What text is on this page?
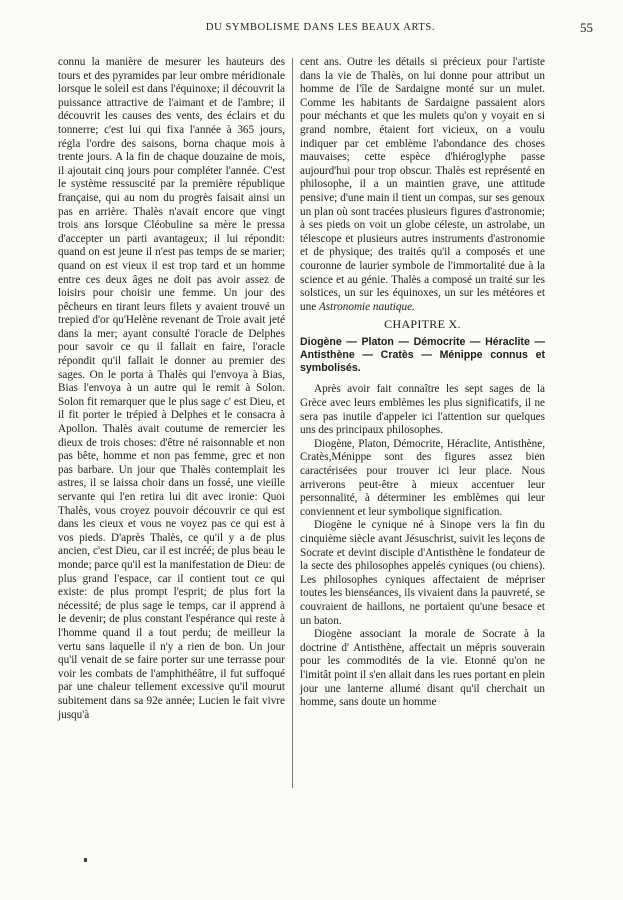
DU SYMBOLISME DANS LES BEAUX ARTS.	55

connu la manière de mesurer les hauteurs des tours et des pyramides par leur ombre méridionale lorsque le soleil est dans l'équinoxe; il découvrit la puissance attractive de l'aimant et de l'ambre; il découvrit les causes des vents, des éclairs et du tonnerre; c'est lui qui fixa l'année à 365 jours, régla l'ordre des saisons, borna chaque mois à trente jours. A la fin de chaque douzaine de mois, il ajoutait cinq jours pour compléter l'année. C'est le système ressuscité par la première république française, qui au nom du progrès faisait ainsi un pas en arrière. Thalès n'avait encore que vingt trois ans lorsque Cléobuline sa mère le pressa d'accepter un parti avantageux; il lui répondit: quand on est jeune il n'est pas temps de se marier; quand on est vieux il est trop tard et un homme entre ces deux âges ne doit pas avoir assez de loisirs pour choisir une femme. Un jour des pêcheurs en tirant leurs filets y avaient trouvé un trepied d'or qu'Helène revenant de Troie avait jeté dans la mer; ayant consulté l'oracle de Delphes pour savoir ce qu il fallait en faire, l'oracle répondit qu'il fallait le donner au premier des sages. On le porta à Thalès qui l'envoya à Bias, Bias l'envoya à un autre qui le remit à Solon. Solon fit remarquer que le plus sage c' est Dieu, et il fit porter le trépied à Delphes et le consacra à Apollon. Thalès avait coutume de remercier les dieux de trois choses: d'être né raisonnable et non pas bête, homme et non pas femme, grec et non pas barbare. Un jour que Thalès contemplait les astres, il se laissa choir dans un fossé, une vieille servante qui l'en retira lui dit avec ironie: Quoi Thalès, vous croyez pouvoir découvrir ce qui est dans les cieux et vous ne voyez pas ce qui est à vos pieds. D'après Thalès, ce qu'il y a de plus ancien, c'est Dieu, car il est incréé; de plus beau le monde; parce qu'il est la manifestation de Dieu: de plus grand l'espace, car il contient tout ce qui existe: de plus prompt l'esprit; de plus fort la nécessité; de plus sage le temps, car il apprend à le devenir; de plus constant l'espérance qui reste à l'homme quand il a tout perdu; de meilleur la vertu sans laquelle il n'y a rien de bon. Un jour qu'il venait de se faire porter sur une terrasse pour voir les combats de l'amphithéâtre, il fut suffoqué par une chaleur tellement excessive qu'il mourut subitement dans sa 92e année; Lucien le fait vivre jusqu'à

cent ans. Outre les détails si précieux pour l'artiste dans la vie de Thalès, on lui donne pour attribut un homme de l'île de Sardaigne monté sur un mulet. Comme les habitants de Sardaigne passaient alors pour méchants et que les mulets qu'on y voyait en si grand nombre, étaient fort vicieux, on a voulu indiquer par cet emblème l'abondance des choses mauvaises; cette espèce d'hiéroglyphe passe aujourd'hui pour trop obscur. Thalès est représenté en philosophe, il a un maintien grave, une attitude pensive; d'une main il tient un compas, sur ses genoux un plan où sont tracées plusieurs figures d'astronomie; à ses pieds on voit un globe céleste, un astrolabe, un télescope et plusieurs autres instruments d'astronomie et de physique; des traités qu'il a composés et une couronne de laurier symbole de l'immortalité due à la science et au génie. Thalès a composé un traité sur les solstices, un sur les équinoxes, un sur les météores et une Astronomie nautique.

CHAPITRE X.
Diogène — Platon — Démocrite — Héraclite — Antisthène — Cratès — Ménippe connus et symbolisés.

Après avoir fait connaître les sept sages de la Grèce avec leurs emblèmes les plus significatifs, il ne sera pas inutile d'appeler ici l'attention sur quelques uns des principaux philosophes.

Diogène, Platon, Démocrite, Héraclite, Antisthène, Cratès,Ménippe sont des figures assez bien caractérisées pour trouver ici leur place. Nous arriverons peut-être à mieux accentuer leur personnalité, à déterminer les emblèmes qui leur conviennent et leur symbolique signification.

Diogène le cynique né à Sinope vers la fin du cinquième siècle avant Jésuschrist, suivit les leçons de Socrate et devint disciple d'Antisthène le fondateur de la secte des philosophes appelés cyniques (ou chiens). Les philosophes cyniques affectaient de mépriser toutes les bienséances, ils vivaient dans la pauvreté, se couvraient de haillons, ne portaient qu'une besace et un baton.

Diogène associant la morale de Socrate à la doctrine d' Antisthène, affectait un mépris souverain pour les commodités de la vie. Etonné qu'on ne l'imitât point il s'en allait dans les rues portant en plein jour une lanterne allumé disant qu'il cherchait un homme, sans doute un homme
